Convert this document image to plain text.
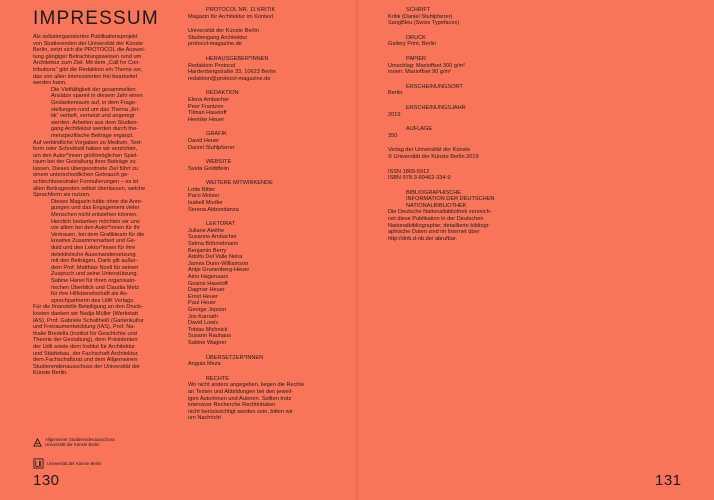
IMPRESSUM

Als selbstorganisiertes Publikationsprojekt

von Studierenden der Universität der Künste

Berlin, setzt sich die PROTOCOL die Auswei-

tung gängiger Betrachtungsweisen rund um

Architektur zum Ziel. Mit dem „Call for Con-

tributions“ gibt die Redaktion ein Thema vor,

das von allen Interessierten frei bearbeitet

werden kann.

Die Vielfältigkeit der gesammelten

Ansätze spannt in diesem Jahr einen

Gedankenraum auf, in dem Frage-

stellungen rund um das Thema „Kri-

tik“ vertieft, vernetzt und angeregt

werden. Arbeiten aus dem Studien-

gang Architektur werden durch the-

menspezifische Beiträge ergänzt.

Auf verbindliche Vorgaben zu Medium, Text-

form oder Schreibstil haben wir verzichtet,

um den Autor*innen größtmöglichen Spiel-

raum bei der Gestaltung ihrer Beiträge zu

lassen. Dieses übergeordnete Ziel führt zu

einem unterschiedlichen Gebrauch ge-

schlechtsneutraler Formulierungen – es ist

allen Beitragenden selbst überlassen, welche

Sprachform sie nutzen.

Dieses Magazin hätte ohne die Anre-

gungen und das Engagement vieler

Menschen nicht entstehen können.

Herzlich bedanken möchten wir uns

vor allem bei den Autor*innen für ihr

Vertrauen, bei dem Grafikteam für die

kreative Zusammenarbeit und Ge-

duld und den Lektor*innen für ihre

detektivische Auseinandersetzung

mit den Beiträgen. Dank gilt außer-

dem Prof. Matthias Noell für seinen

Zuspruch und seine Unterstützung,

Sabine Hanel für ihren organisato-

rischen Überblick und Claudia Metz

für ihre Hilfsbereitschaft als An-

sprechpartnerin des UdK Verlags.

Für die finanzielle Beteiligung an den Druck-

kosten danken wir Nadja Müller (Werkstatt

IAS), Prof. Gabriele Schultheiß (Gartenkultur

und Freiraumentwicklung (IAS), Prof. Na-

thalie Bredella (Institut für Geschichte und

Theorie der Gestaltung), dem Präsidenten

der Udk sowie dem Institut für Architektur

und Städtebau, der Fachschaft Architektur,

dem Fachschaftsrat und dem Allgemeinen

Studierendenausschuss der Universität der

Künste Berlin.

PROTOCOL NR. 11 KRITIK

Magazin für Architektur im Kontext

Universität der Künste Berlin

Studiengang Architektur

protocol-magazine.de

HERAUSGEBER*INNEN

Redaktion Protocol

Hardenbergstraße 33, 10623 Berlin

redaktion@protocol-magazine.de

REDAKTION

Elena Ambacher

Peer Frantzen

Tilman Haseloff

Henrike Heuer

GRAFIK

David Heuer

Daniel Stuhlpfarrer

WEBSITE

Sveta Golddfeiin

WEITERE MITWIRKENDE

Lotte Bitter

Paco Motzer

Isabell Modler

Serena Abbondanza

LEKTORAT

Juliane Aleithe

Susanne Ambacher

Selma Böhmelmann

Benjamin Berry

Adolfo Del Valle Neira

James Dunn-Williamson

Antje Grunenberg-Heuer

Aino Hagenaars

Gesine Haseloff

Dagmar Heuer

Ernst Heuer

Paul Heuer

George Jepson

Jos Karnath

David Lowis

Tobias Michnick

Susann Rauhaus

Sabine Wagner

ÜBERSETZER*INNEN

Angula Meza

RECHTE

Wo nicht anders angegeben, liegen die Rechte

an Texten und Abbildungen bei den jeweil-

igen Autorinnen und Autoren. Sollten trotz

intensiver Recherche Rechtinhaber

nicht berücksichtigt worden sein, bitten wir

um Nachricht

SCHRIFT

Kritik (Daniel Stuhlpfarrer)

SangBleu (Swiss Typefaces)

DRUCK

Gallery Print, Berlin

PAPIER

Umschlag: Maxioffset 300 g/m²

Innen: Maxioffset 90 g/m²

ERSCHEINUNGSORT

Berlin

ERSCHEINUNGSJAHR

2019

AUFLAGE

350

Verlag der Universität der Künste

© Universität der Künste Berlin 2019

ISSN 1865-5912

ISBN 978-3-89462-334-9

BIBLIOGRAPHISCHE

INFORMATION DER DEUTSCHEN

NATIONALBIBLIOTHEK

Die Deutsche Nationalbibliothek verzeich-

net diese Publikation in der Deutschen

Nationalbibliographie; detaillierte bibliogr-

aphische Daten sind im Internet über

http://dnb.d-nb.de/ abrufbar.

Allgemeiner Studierendenausschuss
Universität der Künste Berlin
Universität der Künste Berlin
130	131
